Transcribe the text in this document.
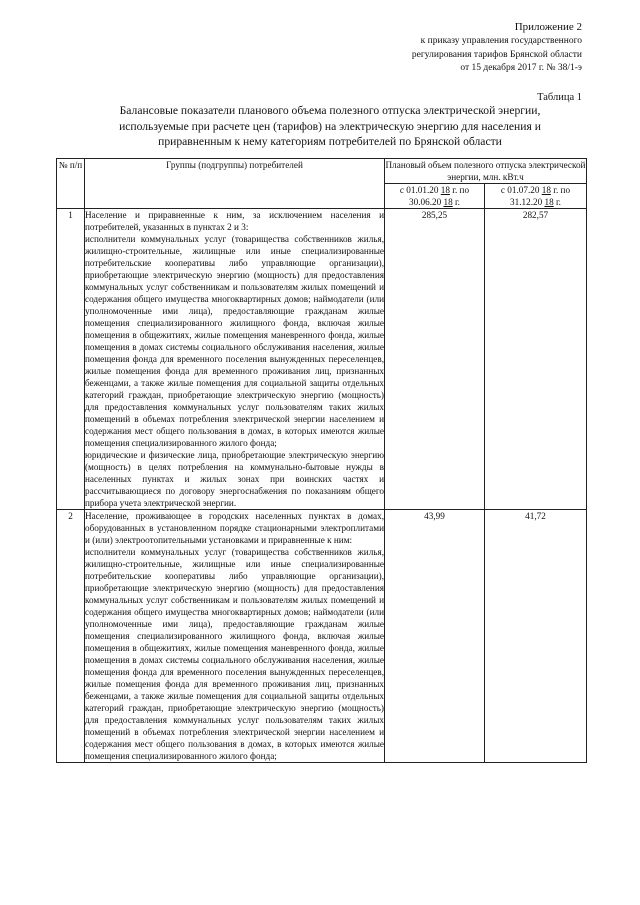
Приложение 2
к приказу управления государственного
регулирования тарифов Брянской области
от 15 декабря 2017 г. № 38/1-э
Таблица 1
Балансовые показатели планового объема полезного отпуска электрической энергии,
используемые при расчете цен (тарифов) на электрическую энергию для населения и
приравненным к нему категориям потребителей по Брянской области
№ п/п	Группы (подгруппы) потребителей	Плановый объем полезного отпуска электрической энергии, млн. кВт.ч	
		с 01.01.20 18 г. по 30.06.20 18 г.	с 01.07.20 18 г. по 31.12.20 18 г.
1	Население и приравненные к ним, за исключением населения и потребителей, указанных в пунктах 2 и 3:

исполнители коммунальных услуг (товарищества собственников жилья, жилищно-строительные, жилищные или иные специализированные потребительские кооперативы либо управляющие организации), приобретающие электрическую энергию (мощность) для предоставления коммунальных услуг собственникам и пользователям жилых помещений и содержания общего имущества многоквартирных домов; наймодатели (или уполномоченные ими лица), предоставляющие гражданам жилые помещения специализированного жилищного фонда, включая жилые помещения в общежитиях, жилые помещения маневренного фонда, жилые помещения в домах системы социального обслуживания населения, жилые помещения фонда для временного поселения вынужденных переселенцев, жилые помещения фонда для временного проживания лиц, признанных беженцами, а также жилые помещения для социальной защиты отдельных категорий граждан, приобретающие электрическую энергию (мощность) для предоставления коммунальных услуг пользователям таких жилых помещений в объемах потребления электрической энергии населением и содержания мест общего пользования в домах, в которых имеются жилые помещения специализированного жилого фонда;

юридические и физические лица, приобретающие электрическую энергию (мощность) в целях потребления на коммунально-бытовые нужды в населенных пунктах и жилых зонах при воинских частях и рассчитывающиеся по договору энергоснабжения по показаниям общего прибора учета электрической энергии.	285,25	282,57
2	Население, проживающее в городских населенных пунктах в домах, оборудованных в установленном порядке стационарными электроплитами и (или) электроотопительными установками и приравненные к ним:

исполнители коммунальных услуг (товарищества собственников жилья, жилищно-строительные, жилищные или иные специализированные потребительские кооперативы либо управляющие организации), приобретающие электрическую энергию (мощность) для предоставления коммунальных услуг собственникам и пользователям жилых помещений и содержания общего имущества многоквартирных домов; наймодатели (или уполномоченные ими лица), предоставляющие гражданам жилые помещения специализированного жилищного фонда, включая жилые помещения в общежитиях, жилые помещения маневренного фонда, жилые помещения в домах системы социального обслуживания населения, жилые помещения фонда для временного поселения вынужденных переселенцев, жилые помещения фонда для временного проживания лиц, признанных беженцами, а также жилые помещения для социальной защиты отдельных категорий граждан, приобретающие электрическую энергию (мощность) для предоставления коммунальных услуг пользователям таких жилых помещений в объемах потребления электрической энергии населением и содержания мест общего пользования в домах, в которых имеются жилые помещения специализированного жилого фонда;	43,99	41,72
